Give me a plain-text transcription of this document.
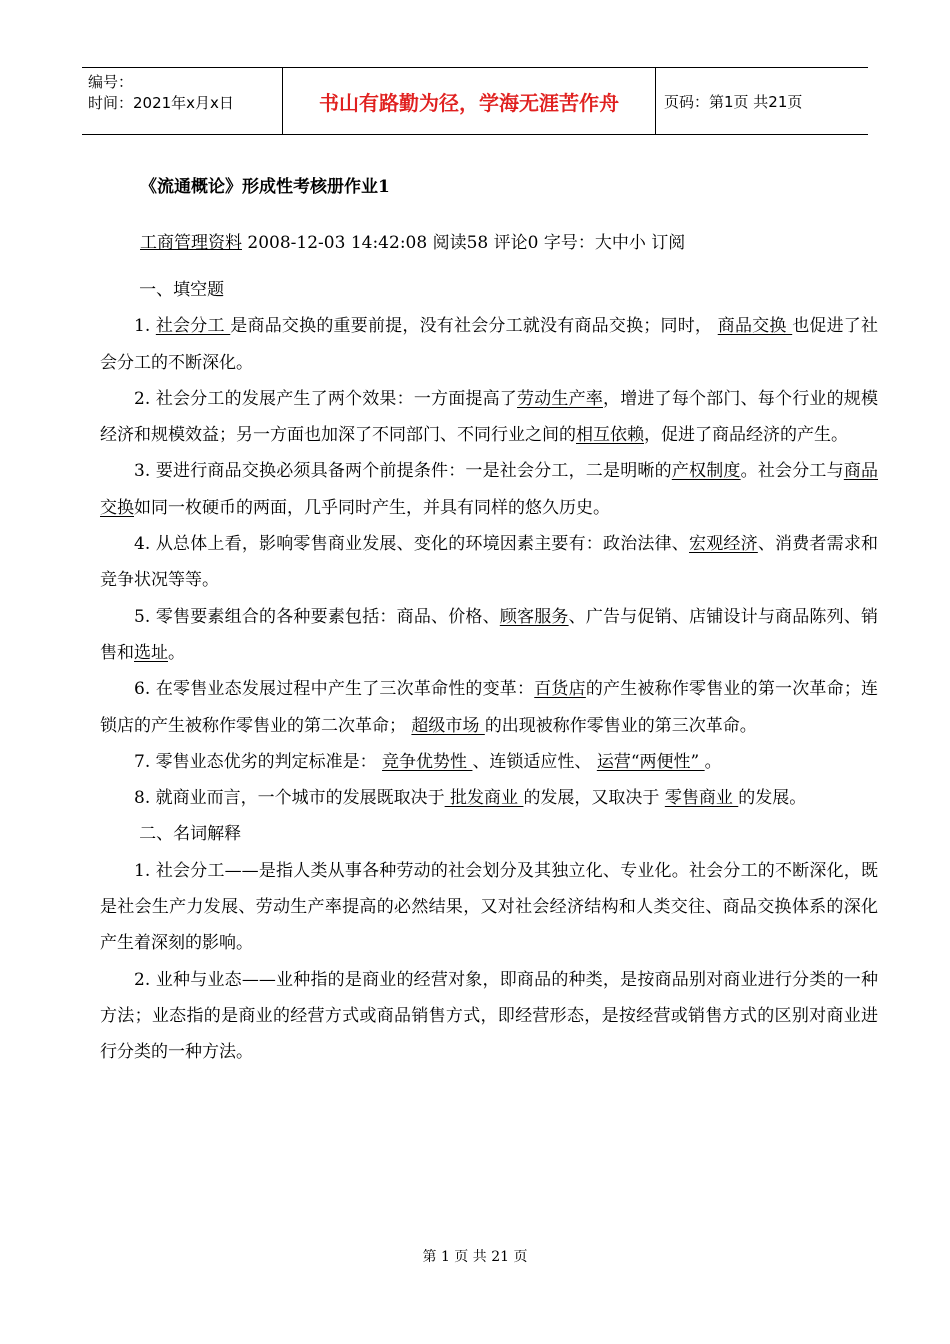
编号：
时间：2021年x月x日	书山有路勤为径，学海无涯苦作舟	页码：第1页 共21页
《流通概论》形成性考核册作业1
工商管理资料 2008-12-03 14:42:08 阅读58 评论0 字号：大中小 订阅

一、填空题

1. 社会分工 是商品交换的重要前提，没有社会分工就没有商品交换；同时， 商品交换 也促进了社会分工的不断深化。

2. 社会分工的发展产生了两个效果：一方面提高了劳动生产率，增进了每个部门、每个行业的规模经济和规模效益；另一方面也加深了不同部门、不同行业之间的相互依赖，促进了商品经济的产生。

3. 要进行商品交换必须具备两个前提条件：一是社会分工，二是明晰的产权制度。社会分工与商品交换如同一枚硬币的两面，几乎同时产生，并具有同样的悠久历史。

4. 从总体上看，影响零售商业发展、变化的环境因素主要有：政治法律、宏观经济、消费者需求和竞争状况等等。

5. 零售要素组合的各种要素包括：商品、价格、顾客服务、广告与促销、店铺设计与商品陈列、销售和选址。

6. 在零售业态发展过程中产生了三次革命性的变革：百货店的产生被称作零售业的第一次革命；连锁店的产生被称作零售业的第二次革命； 超级市场 的出现被称作零售业的第三次革命。

7. 零售业态优劣的判定标准是： 竞争优势性 、连锁适应性、 运营“两便性” 。

8. 就商业而言，一个城市的发展既取决于 批发商业 的发展，又取决于 零售商业 的发展。

二、名词解释

1. 社会分工——是指人类从事各种劳动的社会划分及其独立化、专业化。社会分工的不断深化，既是社会生产力发展、劳动生产率提高的必然结果，又对社会经济结构和人类交往、商品交换体系的深化产生着深刻的影响。

2. 业种与业态——业种指的是商业的经营对象，即商品的种类，是按商品别对商业进行分类的一种方法；业态指的是商业的经营方式或商品销售方式，即经营形态，是按经营或销售方式的区别对商业进行分类的一种方法。

第 1 页 共 21 页
